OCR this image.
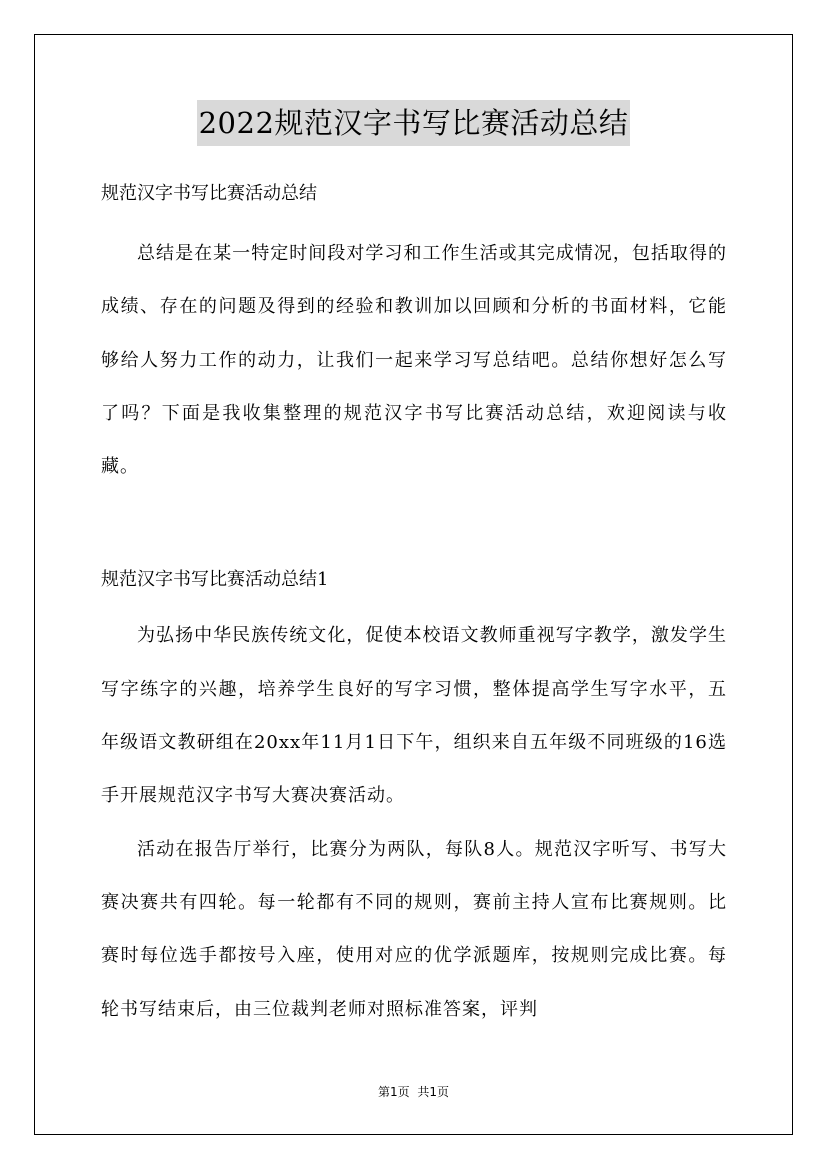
2022规范汉字书写比赛活动总结

规范汉字书写比赛活动总结

总结是在某一特定时间段对学习和工作生活或其完成情况，包括取得的成绩、存在的问题及得到的经验和教训加以回顾和分析的书面材料，它能够给人努力工作的动力，让我们一起来学习写总结吧。总结你想好怎么写了吗？下面是我收集整理的规范汉字书写比赛活动总结，欢迎阅读与收藏。

规范汉字书写比赛活动总结1

为弘扬中华民族传统文化，促使本校语文教师重视写字教学，激发学生写字练字的兴趣，培养学生良好的写字习惯，整体提高学生写字水平，五年级语文教研组在20xx年11月1日下午，组织来自五年级不同班级的16选手开展规范汉字书写大赛决赛活动。

活动在报告厅举行，比赛分为两队，每队8人。规范汉字听写、书写大赛决赛共有四轮。每一轮都有不同的规则，赛前主持人宣布比赛规则。比赛时每位选手都按号入座，使用对应的优学派题库，按规则完成比赛。每轮书写结束后，由三位裁判老师对照标准答案，评判

第1页 共1页
